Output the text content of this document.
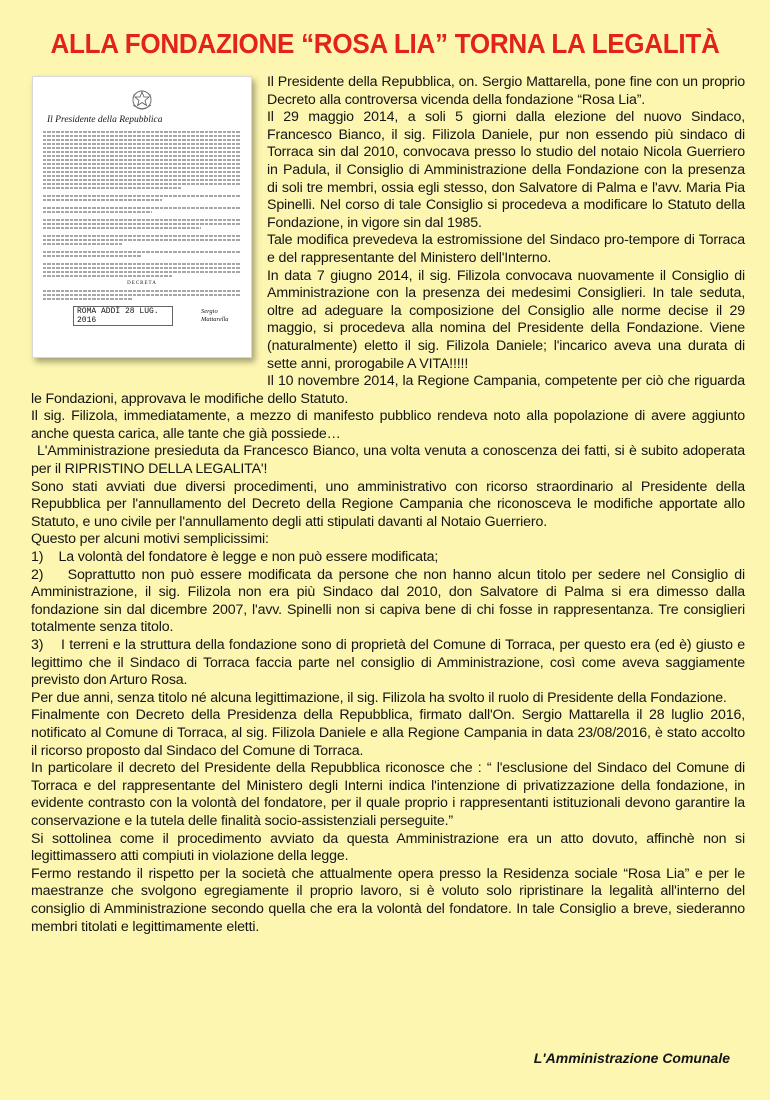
ALLA FONDAZIONE “ROSA LIA” TORNA LA LEGALITÀ

Il Presidente della Repubblica, on. Sergio Mattarella, pone fine con un proprio Decreto alla controversa vicenda della fondazione “Rosa Lia”.

Il 29 maggio 2014, a soli 5 giorni dalla elezione del nuovo Sindaco, Francesco Bianco, il sig. Filizola Daniele, pur non essendo più sindaco di Torraca sin dal 2010, convocava presso lo studio del notaio Nicola Guerriero in Padula, il Consiglio di Amministrazione della Fondazione con la presenza di soli tre membri, ossia egli stesso, don Salvatore di Palma e l'avv. Maria Pia Spinelli. Nel corso di tale Consiglio si procedeva a modificare lo Statuto della Fondazione, in vigore sin dal 1985.

Tale modifica prevedeva la estromissione del Sindaco pro-tempore di Torraca e del rappresentante del Ministero dell'Interno.

In data 7 giugno 2014, il sig. Filizola convocava nuovamente il Consiglio di Amministrazione con la presenza dei medesimi Consiglieri. In tale seduta, oltre ad adeguare la composizione del Consiglio alle norme decise il 29 maggio, si procedeva alla nomina del Presidente della Fondazione. Viene (naturalmente) eletto il sig. Filizola Daniele; l'incarico aveva una durata di sette anni, prorogabile A VITA!!!!!

Il 10 novembre 2014, la Regione Campania, competente per ciò che riguarda le Fondazioni, approvava le modifiche dello Statuto.

Il sig. Filizola, immediatamente, a mezzo di manifesto pubblico rendeva noto alla popolazione di avere aggiunto anche questa carica, alle tante che già possiede…

L'Amministrazione presieduta da Francesco Bianco, una volta venuta a conoscenza dei fatti, si è subito adoperata per il RIPRISTINO DELLA LEGALITA'!

Sono stati avviati due diversi procedimenti, uno amministrativo con ricorso straordinario al Presidente della Repubblica per l'annullamento del Decreto della Regione Campania che riconosceva le modifiche apportate allo Statuto, e uno civile per l'annullamento degli atti stipulati davanti al Notaio Guerriero.

Questo per alcuni motivi semplicissimi:

1)    La volontà del fondatore è legge e non può essere modificata;

2)    Soprattutto non può essere modificata da persone che non hanno alcun titolo per sedere nel Consiglio di Amministrazione, il sig. Filizola non era più Sindaco dal 2010, don Salvatore di Palma si era dimesso dalla fondazione sin dal dicembre 2007, l'avv. Spinelli non si capiva bene di chi fosse in rappresentanza. Tre consiglieri totalmente senza titolo.

3)    I terreni e la struttura della fondazione sono di proprietà del Comune di Torraca, per questo era (ed è) giusto e legittimo che il Sindaco di Torraca faccia parte nel consiglio di Amministrazione, così come aveva saggiamente previsto don Arturo Rosa.

Per due anni, senza titolo né alcuna legittimazione, il sig. Filizola ha svolto il ruolo di Presidente della Fondazione.

Finalmente con Decreto della Presidenza della Repubblica, firmato dall'On. Sergio Mattarella il 28 luglio 2016, notificato al Comune di Torraca, al sig. Filizola Daniele e alla Regione Campania in data 23/08/2016, è stato accolto il ricorso proposto dal Sindaco del Comune di Torraca.

In particolare il decreto del Presidente della Repubblica riconosce che : “ l'esclusione del Sindaco del Comune di Torraca e del rappresentante del Ministero degli Interni indica l'intenzione di privatizzazione della fondazione, in evidente contrasto con la volontà del fondatore, per il quale proprio i rappresentanti istituzionali devono garantire la conservazione e la tutela delle finalità socio-assistenziali perseguite.”

Si sottolinea come il procedimento avviato da questa Amministrazione era un atto dovuto, affinchè non si legittimassero atti compiuti in violazione della legge.

Fermo restando il rispetto per la società che attualmente opera presso la Residenza sociale “Rosa Lia” e per le maestranze che svolgono egregiamente il proprio lavoro, si è voluto solo ripristinare la legalità all'interno del consiglio di Amministrazione secondo quella che era la volontà del fondatore. In tale Consiglio a breve, siederanno membri titolati e legittimamente eletti.

Il Presidente della Repubblica
DECRETA
ROMA ADDÌ 28 LUG. 2016
Sergio Mattarella
L'Amministrazione Comunale
